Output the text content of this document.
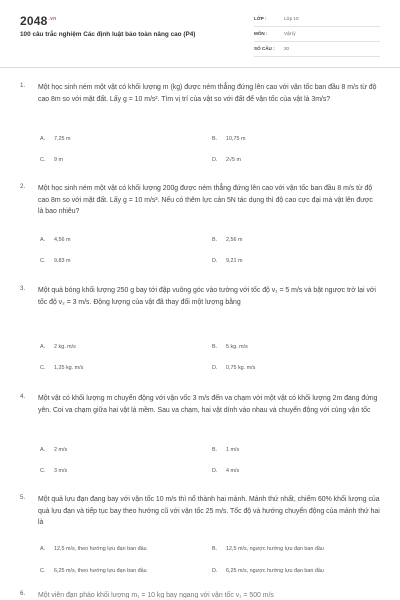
$2048^{.vn}$
100 câu trắc nghiệm Các định luật bảo toàn nâng cao (P4)
LỚP :	Lớp 10
MÔN :	Vật lý
SỐ CÂU : 20
1. Một học sinh ném một vật có khối lượng m (kg) được ném thẳng đứng lên cao với vận tốc ban đầu 8 m/s từ độ cao 8m so với mặt đất. Lấy g = 10 m/s². Tìm vị trí của vật so với đất để vận tốc của vật là 3m/s?
A. 7,25 m	B. 10,75 m
C. 9 m	D. 2√5 m
2. Một học sinh ném một vật có khối lượng 200g được ném thẳng đứng lên cao với vận tốc ban đầu 8 m/s từ độ cao 8m so với mặt đất. Lấy g = 10 m/s². Nếu có thêm lực cản 5N tác dụng thì độ cao cực đại mà vật lên được là bao nhiêu?
A. 4,56 m	B. 2,56 m
C. 9,83 m	D. 9,21 m
3. Một quả bóng khối lượng 250 g bay tới đập vuông góc vào tường với tốc độ v₁ = 5 m/s và bật ngược trở lại với tốc độ v₂ = 3 m/s. Động lượng của vật đã thay đổi một lượng bằng
A. 2 kg. m/s	B. 5 kg. m/s
C. 1,25 kg. m/s	D. 0,75 kg. m/s
4. Một vật có khối lượng m chuyển động với vận vốc 3 m/s đến va chạm với một vật có khối lượng 2m đang đứng yên. Coi va chạm giữa hai vật là mềm. Sau va chạm, hai vật dính vào nhau và chuyển động với cùng vận tốc
A. 2 m/s	B. 1 m/s
C. 3 m/s	D. 4 m/s
5. Một quả lựu đạn đang bay với vận tốc 10 m/s thì nổ thành hai mảnh. Mảnh thứ nhất, chiếm 60% khối lượng của quả lựu đạn và tiếp tục bay theo hướng cũ với vận tốc 25 m/s. Tốc độ và hướng chuyển động của mảnh thứ hai là
A. 12,5 m/s, theo hướng lựu đạn ban đầu	B. 12,5 m/s, ngược hướng lựu đạn ban đầu
C. 6,25 m/s, theo hướng lựu đạn ban đầu	D. 6,25 m/s, ngược hướng lựu đạn ban đầu
6. Một viên đạn pháo khối lượng m₁ = 10 kg bay ngang với vận tốc v₁ = 500 m/s
